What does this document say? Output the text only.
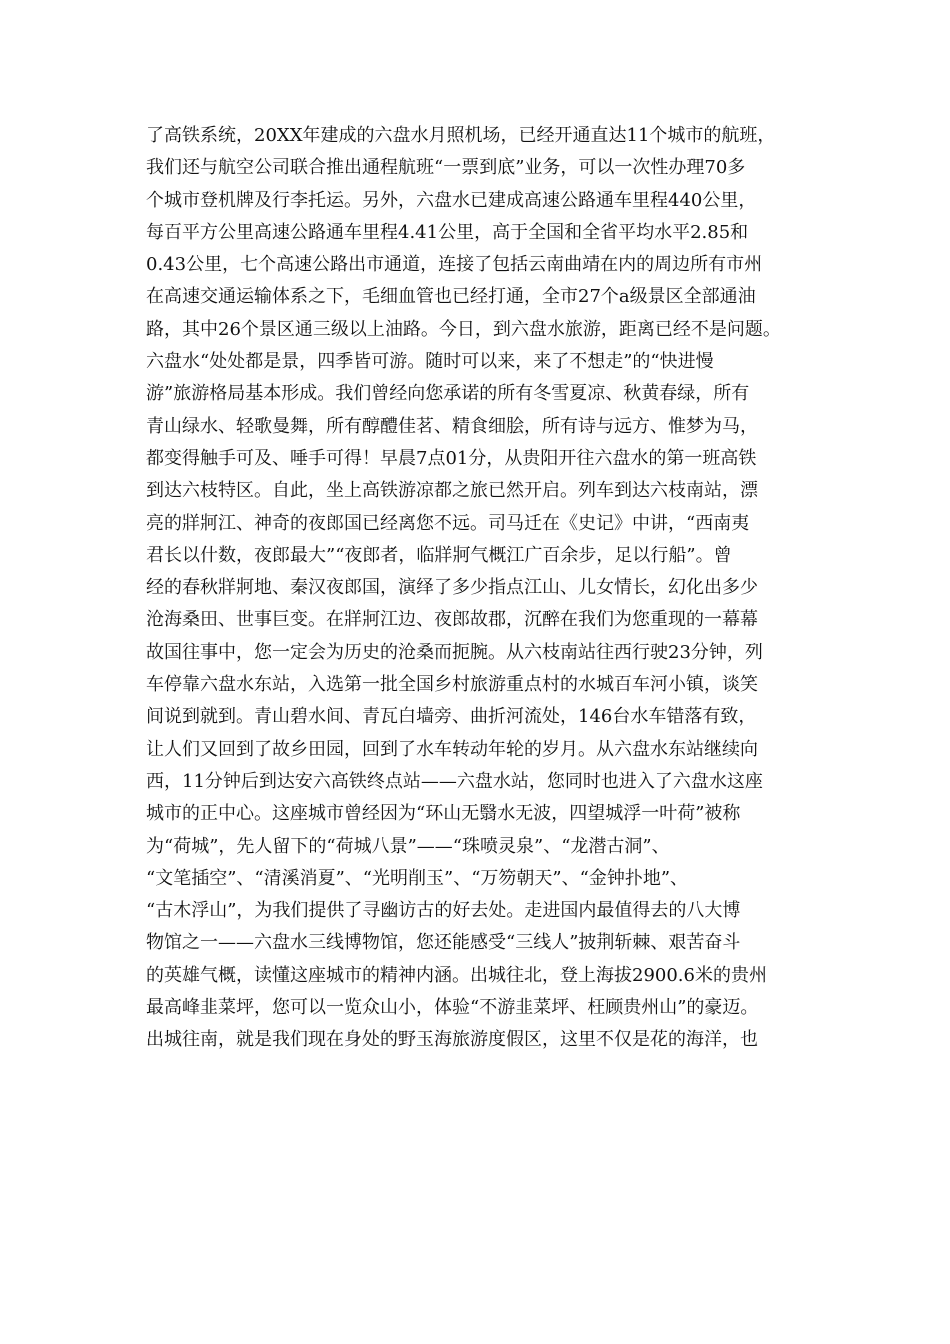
了高铁系统，20XX年建成的六盘水月照机场，已经开通直达11个城市的航班，
我们还与航空公司联合推出通程航班“一票到底”业务，可以一次性办理70多
个城市登机牌及行李托运。另外，六盘水已建成高速公路通车里程440公里，
每百平方公里高速公路通车里程4.41公里，高于全国和全省平均水平2.85和
0.43公里，七个高速公路出市通道，连接了包括云南曲靖在内的周边所有市州
在高速交通运输体系之下，毛细血管也已经打通，全市27个a级景区全部通油
路，其中26个景区通三级以上油路。今日，到六盘水旅游，距离已经不是问题。
六盘水“处处都是景，四季皆可游。随时可以来，来了不想走”的“快进慢
游”旅游格局基本形成。我们曾经向您承诺的所有冬雪夏凉、秋黄春绿，所有
青山绿水、轻歌曼舞，所有醇醴佳茗、精食细脍，所有诗与远方、惟梦为马，
都变得触手可及、唾手可得！早晨7点01分，从贵阳开往六盘水的第一班高铁
到达六枝特区。自此，坐上高铁游凉都之旅已然开启。列车到达六枝南站，漂
亮的牂牁江、神奇的夜郎国已经离您不远。司马迁在《史记》中讲，“西南夷
君长以什数，夜郎最大”“夜郎者，临牂牁气概江广百余步，足以行船”。曾
经的春秋牂牁地、秦汉夜郎国，演绎了多少指点江山、儿女情长，幻化出多少
沧海桑田、世事巨变。在牂牁江边、夜郎故郡，沉醉在我们为您重现的一幕幕
故国往事中，您一定会为历史的沧桑而扼腕。从六枝南站往西行驶23分钟，列
车停靠六盘水东站，入选第一批全国乡村旅游重点村的水城百车河小镇，谈笑
间说到就到。青山碧水间、青瓦白墙旁、曲折河流处，146台水车错落有致，
让人们又回到了故乡田园，回到了水车转动年轮的岁月。从六盘水东站继续向
西，11分钟后到达安六高铁终点站——六盘水站，您同时也进入了六盘水这座
城市的正中心。这座城市曾经因为“环山无翳水无波，四望城浮一叶荷”被称
为“荷城”，先人留下的“荷城八景”——“珠喷灵泉”、“龙潜古洞”、
“文笔插空”、“清溪消夏”、“光明削玉”、“万笏朝天”、“金钟扑地”、
“古木浮山”，为我们提供了寻幽访古的好去处。走进国内最值得去的八大博
物馆之一——六盘水三线博物馆，您还能感受“三线人”披荆斩棘、艰苦奋斗
的英雄气概，读懂这座城市的精神内涵。出城往北，登上海拔2900.6米的贵州
最高峰韭菜坪，您可以一览众山小，体验“不游韭菜坪、枉顾贵州山”的豪迈。
出城往南，就是我们现在身处的野玉海旅游度假区，这里不仅是花的海洋，也
